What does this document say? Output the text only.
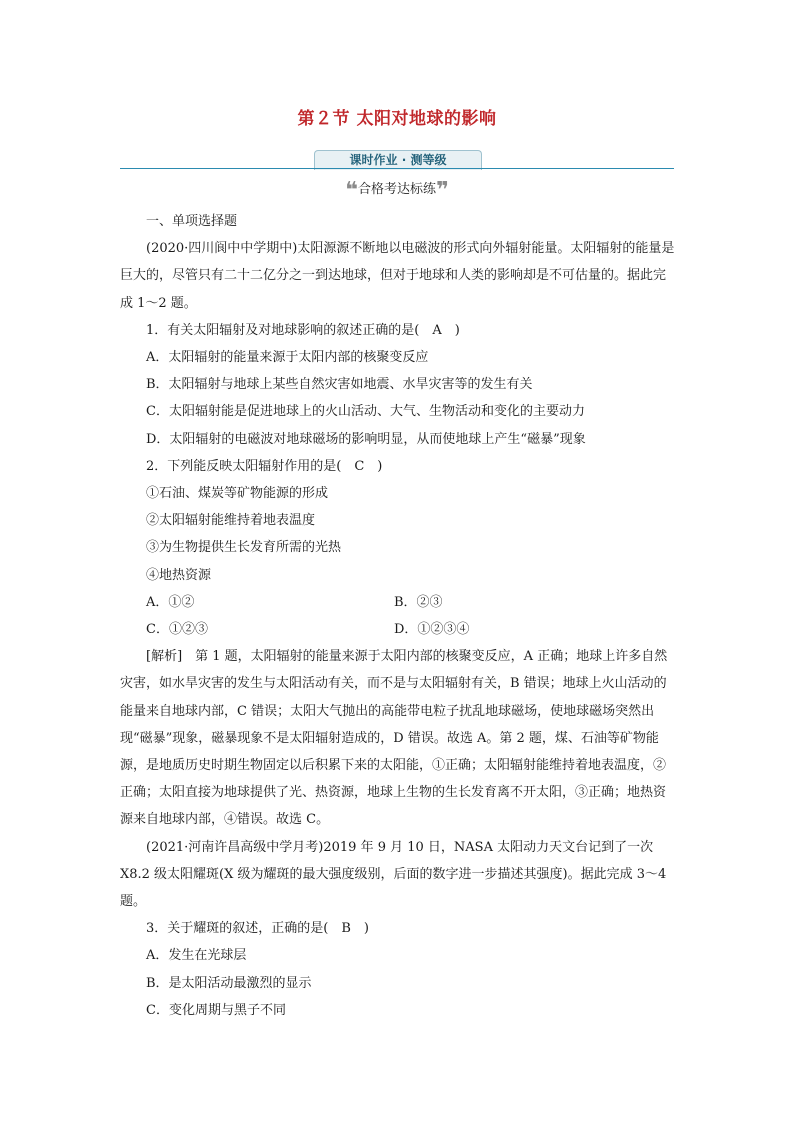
第２节 太阳对地球的影响
课时作业 · 测等级
❝合格考达标练❞

一、单项选择题

(2020·四川阆中中学期中)太阳源源不断地以电磁波的形式向外辐射能量。太阳辐射的能量是巨大的，尽管只有二十二亿分之一到达地球，但对于地球和人类的影响却是不可估量的。据此完成 1～2 题。

1．有关太阳辐射及对地球影响的叙述正确的是(　A　)

A．太阳辐射的能量来源于太阳内部的核聚变反应

B．太阳辐射与地球上某些自然灾害如地震、水旱灾害等的发生有关

C．太阳辐射能是促进地球上的火山活动、大气、生物活动和变化的主要动力

D．太阳辐射的电磁波对地球磁场的影响明显，从而使地球上产生“磁暴”现象

2．下列能反映太阳辐射作用的是(　C　)

①石油、煤炭等矿物能源的形成

②太阳辐射能维持着地表温度

③为生物提供生长发育所需的光热

④地热资源

A．①②	B．②③
C．①②③	D．①②③④

[解析]　第 1 题，太阳辐射的能量来源于太阳内部的核聚变反应，A 正确；地球上许多自然灾害，如水旱灾害的发生与太阳活动有关，而不是与太阳辐射有关，B 错误；地球上火山活动的能量来自地球内部，C 错误；太阳大气抛出的高能带电粒子扰乱地球磁场，使地球磁场突然出现“磁暴”现象，磁暴现象不是太阳辐射造成的，D 错误。故选 A。第 2 题，煤、石油等矿物能源，是地质历史时期生物固定以后积累下来的太阳能，①正确；太阳辐射能维持着地表温度，②正确；太阳直接为地球提供了光、热资源，地球上生物的生长发育离不开太阳，③正确；地热资源来自地球内部，④错误。故选 C。

(2021·河南许昌高级中学月考)2019 年 9 月 10 日，NASA 太阳动力天文台记到了一次X8.2 级太阳耀斑(X 级为耀斑的最大强度级别，后面的数字进一步描述其强度)。据此完成 3～4 题。

3．关于耀斑的叙述，正确的是(　B　)

A．发生在光球层

B．是太阳活动最激烈的显示

C．变化周期与黑子不同
